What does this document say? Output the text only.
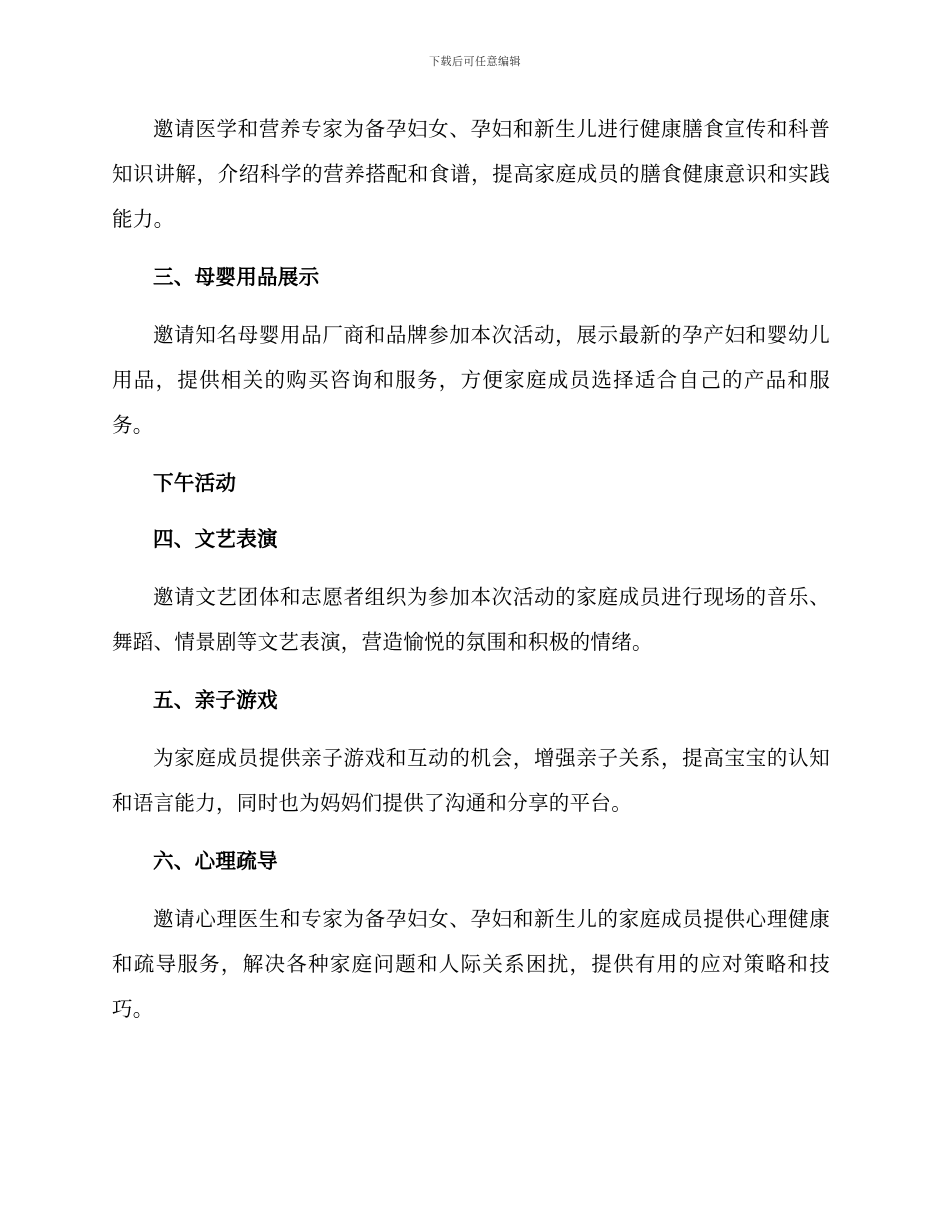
下载后可任意编辑

邀请医学和营养专家为备孕妇女、孕妇和新生儿进行健康膳食宣传和科普知识讲解，介绍科学的营养搭配和食谱，提高家庭成员的膳食健康意识和实践能力。

三、母婴用品展示

邀请知名母婴用品厂商和品牌参加本次活动，展示最新的孕产妇和婴幼儿用品，提供相关的购买咨询和服务，方便家庭成员选择适合自己的产品和服务。

下午活动
四、文艺表演

邀请文艺团体和志愿者组织为参加本次活动的家庭成员进行现场的音乐、舞蹈、情景剧等文艺表演，营造愉悦的氛围和积极的情绪。

五、亲子游戏

为家庭成员提供亲子游戏和互动的机会，增强亲子关系，提高宝宝的认知和语言能力，同时也为妈妈们提供了沟通和分享的平台。

六、心理疏导

邀请心理医生和专家为备孕妇女、孕妇和新生儿的家庭成员提供心理健康和疏导服务，解决各种家庭问题和人际关系困扰，提供有用的应对策略和技巧。
